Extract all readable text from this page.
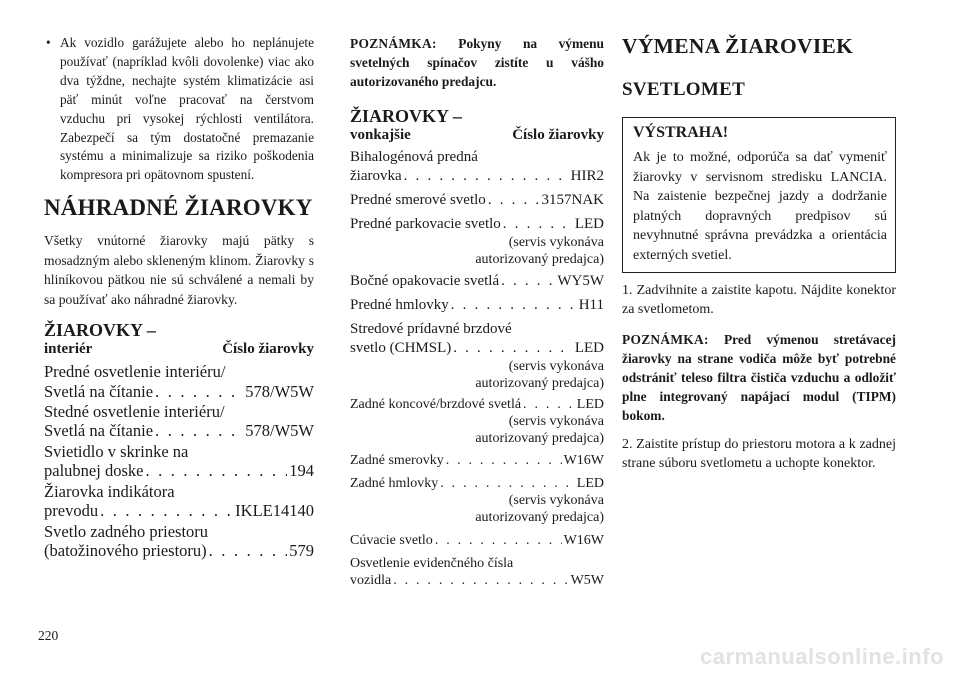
• Ak vozidlo garážujete alebo ho neplánujete používať (napríklad kvôli dovolenke) viac ako dva týždne, nechajte systém klimatizácie asi päť minút voľne pracovať na čerstvom vzduchu pri vysokej rýchlosti ventilátora. Zabezpečí sa tým dostatočné premazanie systému a minimalizuje sa riziko poškodenia kompresora pri opätovnom spustení.
NÁHRADNÉ ŽIAROVKY

Všetky vnútorné žiarovky majú pätky s mosadzným alebo skleneným klinom. Žiarovky s hliníkovou pätkou nie sú schválené a nemali by sa používať ako náhradné žiarovky.

ŽIAROVKY –
interiér	Číslo žiarovky
Predné osvetlenie interiéru/
Svetlá na čítanie . . .	578/W5W
Stedné osvetlenie interiéru/
Svetlá na čítanie . . .	578/W5W
Svietidlo v skrinke na
palubnej doske . . .	194
Žiarovka indikátora
prevodu . . .	IKLE14140
Svetlo zadného priestoru
(batožinového priestoru) . . .	579

POZNÁMKA: Pokyny na výmenu svetelných spínačov zistíte u vášho autorizovaného predajcu.

ŽIAROVKY –
vonkajšie	Číslo žiarovky
Bihalogénová predná
žiarovka . . .	HIR2
Predné smerové svetlo . . .	3157NAK
Predné parkovacie svetlo . . .	LED
(servis vykonáva
autorizovaný predajca)
Bočné opakovacie svetlá . . .	WY5W
Predné hmlovky . . .	H11
Stredové prídavné brzdové
svetlo (CHMSL) . . .	LED
(servis vykonáva
autorizovaný predajca)
Zadné koncové/brzdové svetlá . . .	LED
(servis vykonáva
autorizovaný predajca)
Zadné smerovky . . .	W16W
Zadné hmlovky . . .	LED
(servis vykonáva
autorizovaný predajca)
Cúvacie svetlo . . .	W16W
Osvetlenie evidenčného čísla
vozidla . . .	W5W
VÝMENA ŽIAROVIEK
SVETLOMET
VÝSTRAHA!
Ak je to možné, odporúča sa dať vymeniť žiarovky v servisnom stredisku LANCIA. Na zaistenie bezpečnej jazdy a dodržanie platných dopravných predpisov sú nevyhnutné správna prevádzka a orientácia externých svetiel.

1. Zadvihnite a zaistite kapotu. Nájdite konektor za svetlometom.

POZNÁMKA: Pred výmenou stretávacej žiarovky na strane vodiča môže byť potrebné odstrániť teleso filtra čističa vzduchu a odložiť plne integrovaný napájací modul (TIPM) bokom.

2. Zaistite prístup do priestoru motora a k zadnej strane súboru svetlometu a uchopte konektor.

220
carmanualsonline.info
